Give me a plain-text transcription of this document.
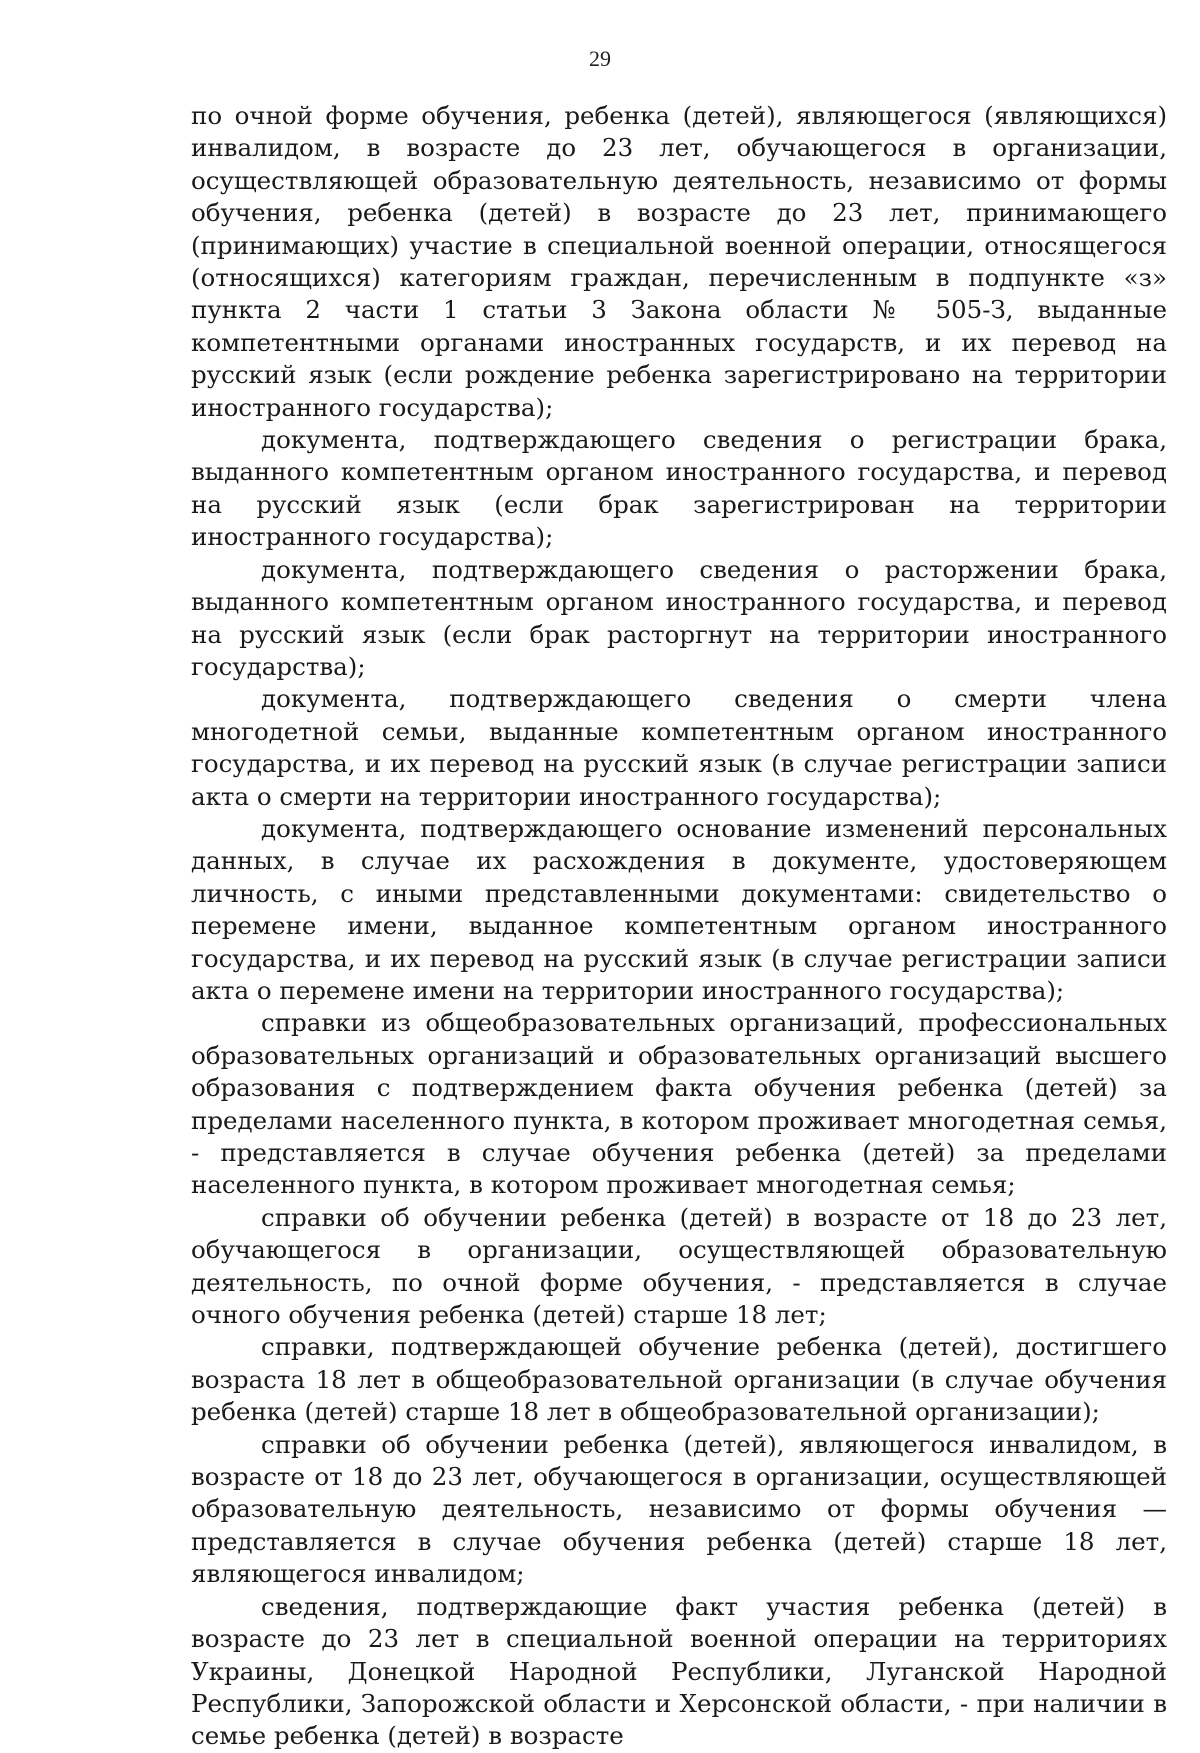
29

по очной форме обучения, ребенка (детей), являющегося (являющихся) инвалидом, в возрасте до 23 лет, обучающегося в организации, осуществляющей образовательную деятельность, независимо от формы обучения, ребенка (детей) в возрасте до 23 лет, принимающего (принимающих) участие в специальной военной операции, относящегося (относящихся) категориям граждан, перечисленным в подпункте «з» пункта 2 части 1 статьи 3 Закона области № 505-З, выданные компетентными органами иностранных государств, и их перевод на русский язык (если рождение ребенка зарегистрировано на территории иностранного государства);

документа, подтверждающего сведения о регистрации брака, выданного компетентным органом иностранного государства, и перевод на русский язык (если брак зарегистрирован на территории иностранного государства);

документа, подтверждающего сведения о расторжении брака, выданного компетентным органом иностранного государства, и перевод на русский язык (если брак расторгнут на территории иностранного государства);

документа, подтверждающего сведения о смерти члена многодетной семьи, выданные компетентным органом иностранного государства, и их перевод на русский язык (в случае регистрации записи акта о смерти на территории иностранного государства);

документа, подтверждающего основание изменений персональных данных, в случае их расхождения в документе, удостоверяющем личность, с иными представленными документами: свидетельство о перемене имени, выданное компетентным органом иностранного государства, и их перевод на русский язык (в случае регистрации записи акта о перемене имени на территории иностранного государства);

справки из общеобразовательных организаций, профессиональных образовательных организаций и образовательных организаций высшего образования с подтверждением факта обучения ребенка (детей) за пределами населенного пункта, в котором проживает многодетная семья, - представляется в случае обучения ребенка (детей) за пределами населенного пункта, в котором проживает многодетная семья;

справки об обучении ребенка (детей) в возрасте от 18 до 23 лет, обучающегося в организации, осуществляющей образовательную деятельность, по очной форме обучения, - представляется в случае очного обучения ребенка (детей) старше 18 лет;

справки, подтверждающей обучение ребенка (детей), достигшего возраста 18 лет в общеобразовательной организации (в случае обучения ребенка (детей) старше 18 лет в общеобразовательной организации);

справки об обучении ребенка (детей), являющегося инвалидом, в возрасте от 18 до 23 лет, обучающегося в организации, осуществляющей образовательную деятельность, независимо от формы обучения — представляется в случае обучения ребенка (детей) старше 18 лет, являющегося инвалидом;

сведения, подтверждающие факт участия ребенка (детей) в возрасте до 23 лет в специальной военной операции на территориях Украины, Донецкой Народной Республики, Луганской Народной Республики, Запорожской области и Херсонской области, - при наличии в семье ребенка (детей) в возрасте
